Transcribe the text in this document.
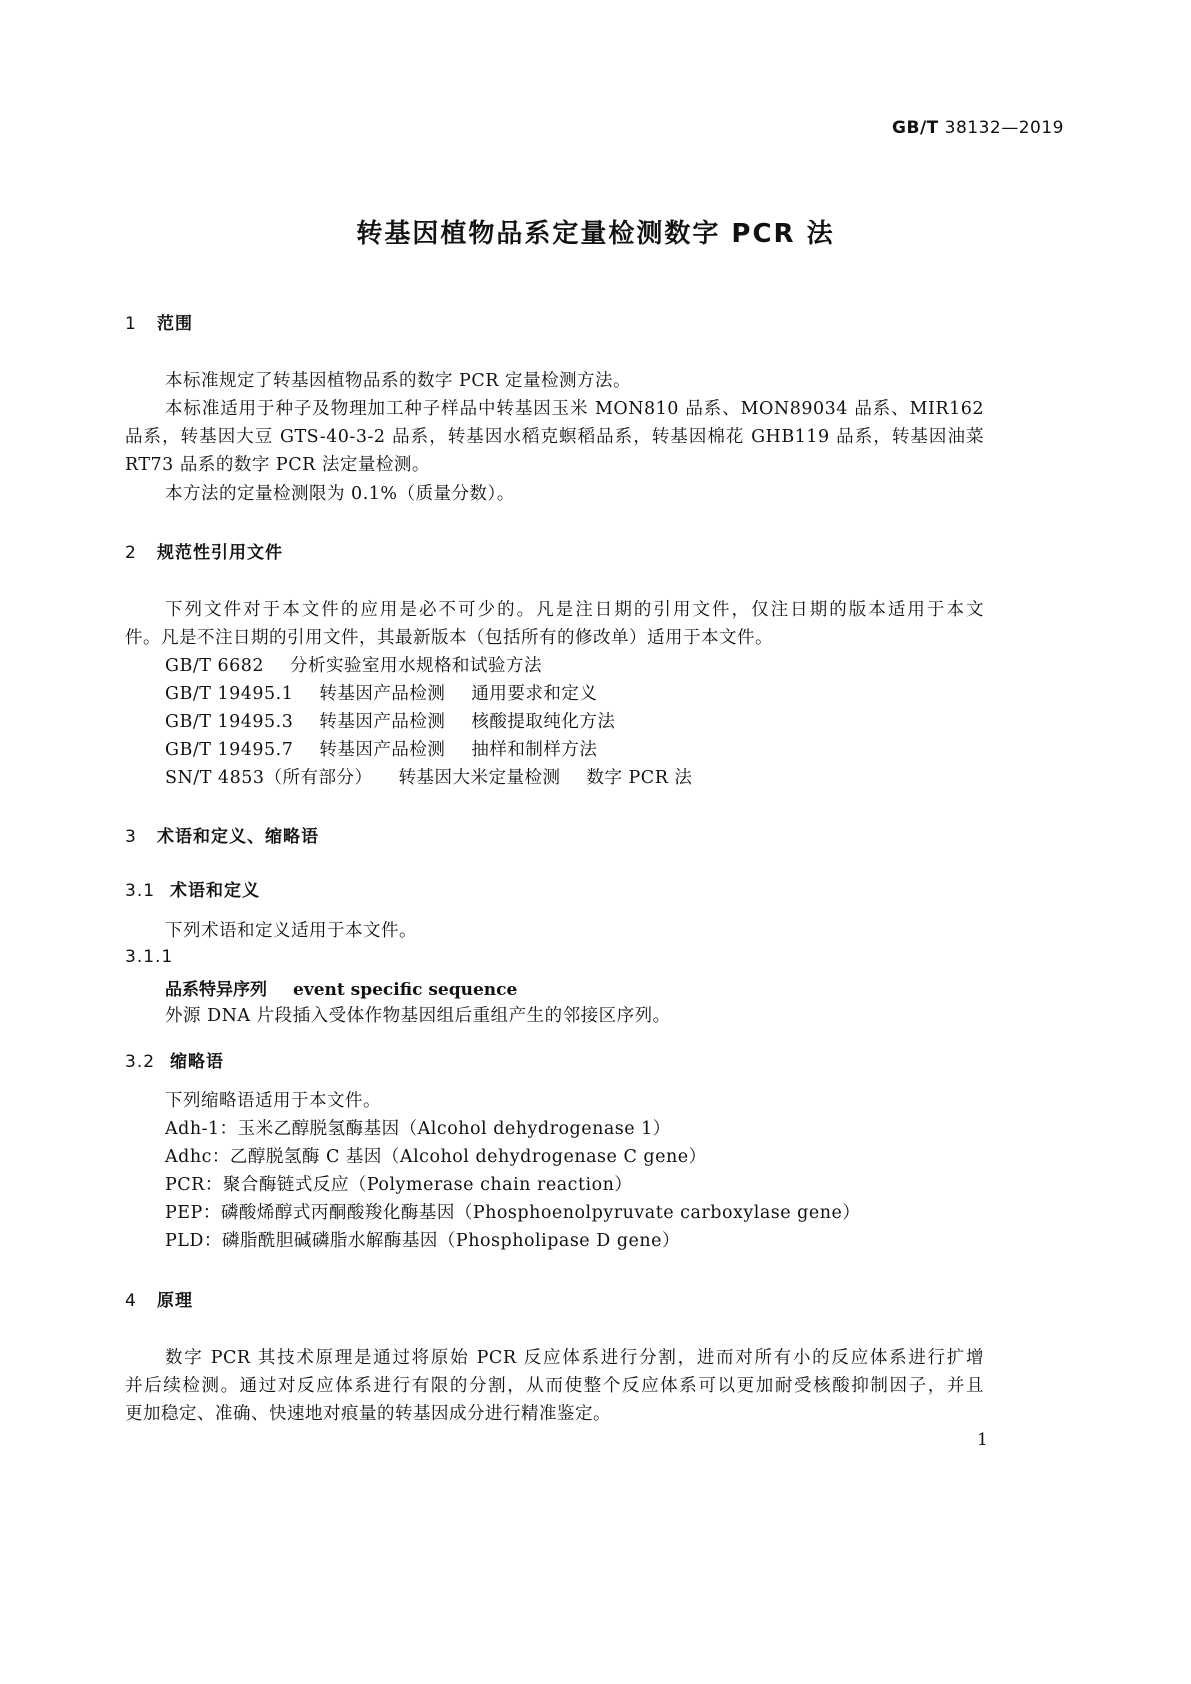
GB/T 38132—2019
转基因植物品系定量检测数字 PCR 法
1 范围
本标准规定了转基因植物品系的数字 PCR 定量检测方法。
本标准适用于种子及物理加工种子样品中转基因玉米 MON810 品系、MON89034 品系、MIR162
品系，转基因大豆 GTS-40-3-2 品系，转基因水稻克螟稻品系，转基因棉花 GHB119 品系，转基因油菜
RT73 品系的数字 PCR 法定量检测。
本方法的定量检测限为 0.1%（质量分数）。
2 规范性引用文件
下列文件对于本文件的应用是必不可少的。凡是注日期的引用文件，仅注日期的版本适用于本文
件。凡是不注日期的引用文件，其最新版本（包括所有的修改单）适用于本文件。
GB/T 6682 分析实验室用水规格和试验方法
GB/T 19495.1 转基因产品检测 通用要求和定义
GB/T 19495.3 转基因产品检测 核酸提取纯化方法
GB/T 19495.7 转基因产品检测 抽样和制样方法
SN/T 4853（所有部分） 转基因大米定量检测 数字 PCR 法
3 术语和定义、缩略语
3.1 术语和定义
下列术语和定义适用于本文件。
3.1.1
品系特异序列 event specific sequence
外源 DNA 片段插入受体作物基因组后重组产生的邻接区序列。
3.2 缩略语
下列缩略语适用于本文件。
Adh-1：玉米乙醇脱氢酶基因（Alcohol dehydrogenase 1）
Adhc：乙醇脱氢酶 C 基因（Alcohol dehydrogenase C gene）
PCR：聚合酶链式反应（Polymerase chain reaction）
PEP：磷酸烯醇式丙酮酸羧化酶基因（Phosphoenolpyruvate carboxylase gene）
PLD：磷脂酰胆碱磷脂水解酶基因（Phospholipase D gene）
4 原理
数字 PCR 其技术原理是通过将原始 PCR 反应体系进行分割，进而对所有小的反应体系进行扩增
并后续检测。通过对反应体系进行有限的分割，从而使整个反应体系可以更加耐受核酸抑制因子，并且
更加稳定、准确、快速地对痕量的转基因成分进行精准鉴定。
1
